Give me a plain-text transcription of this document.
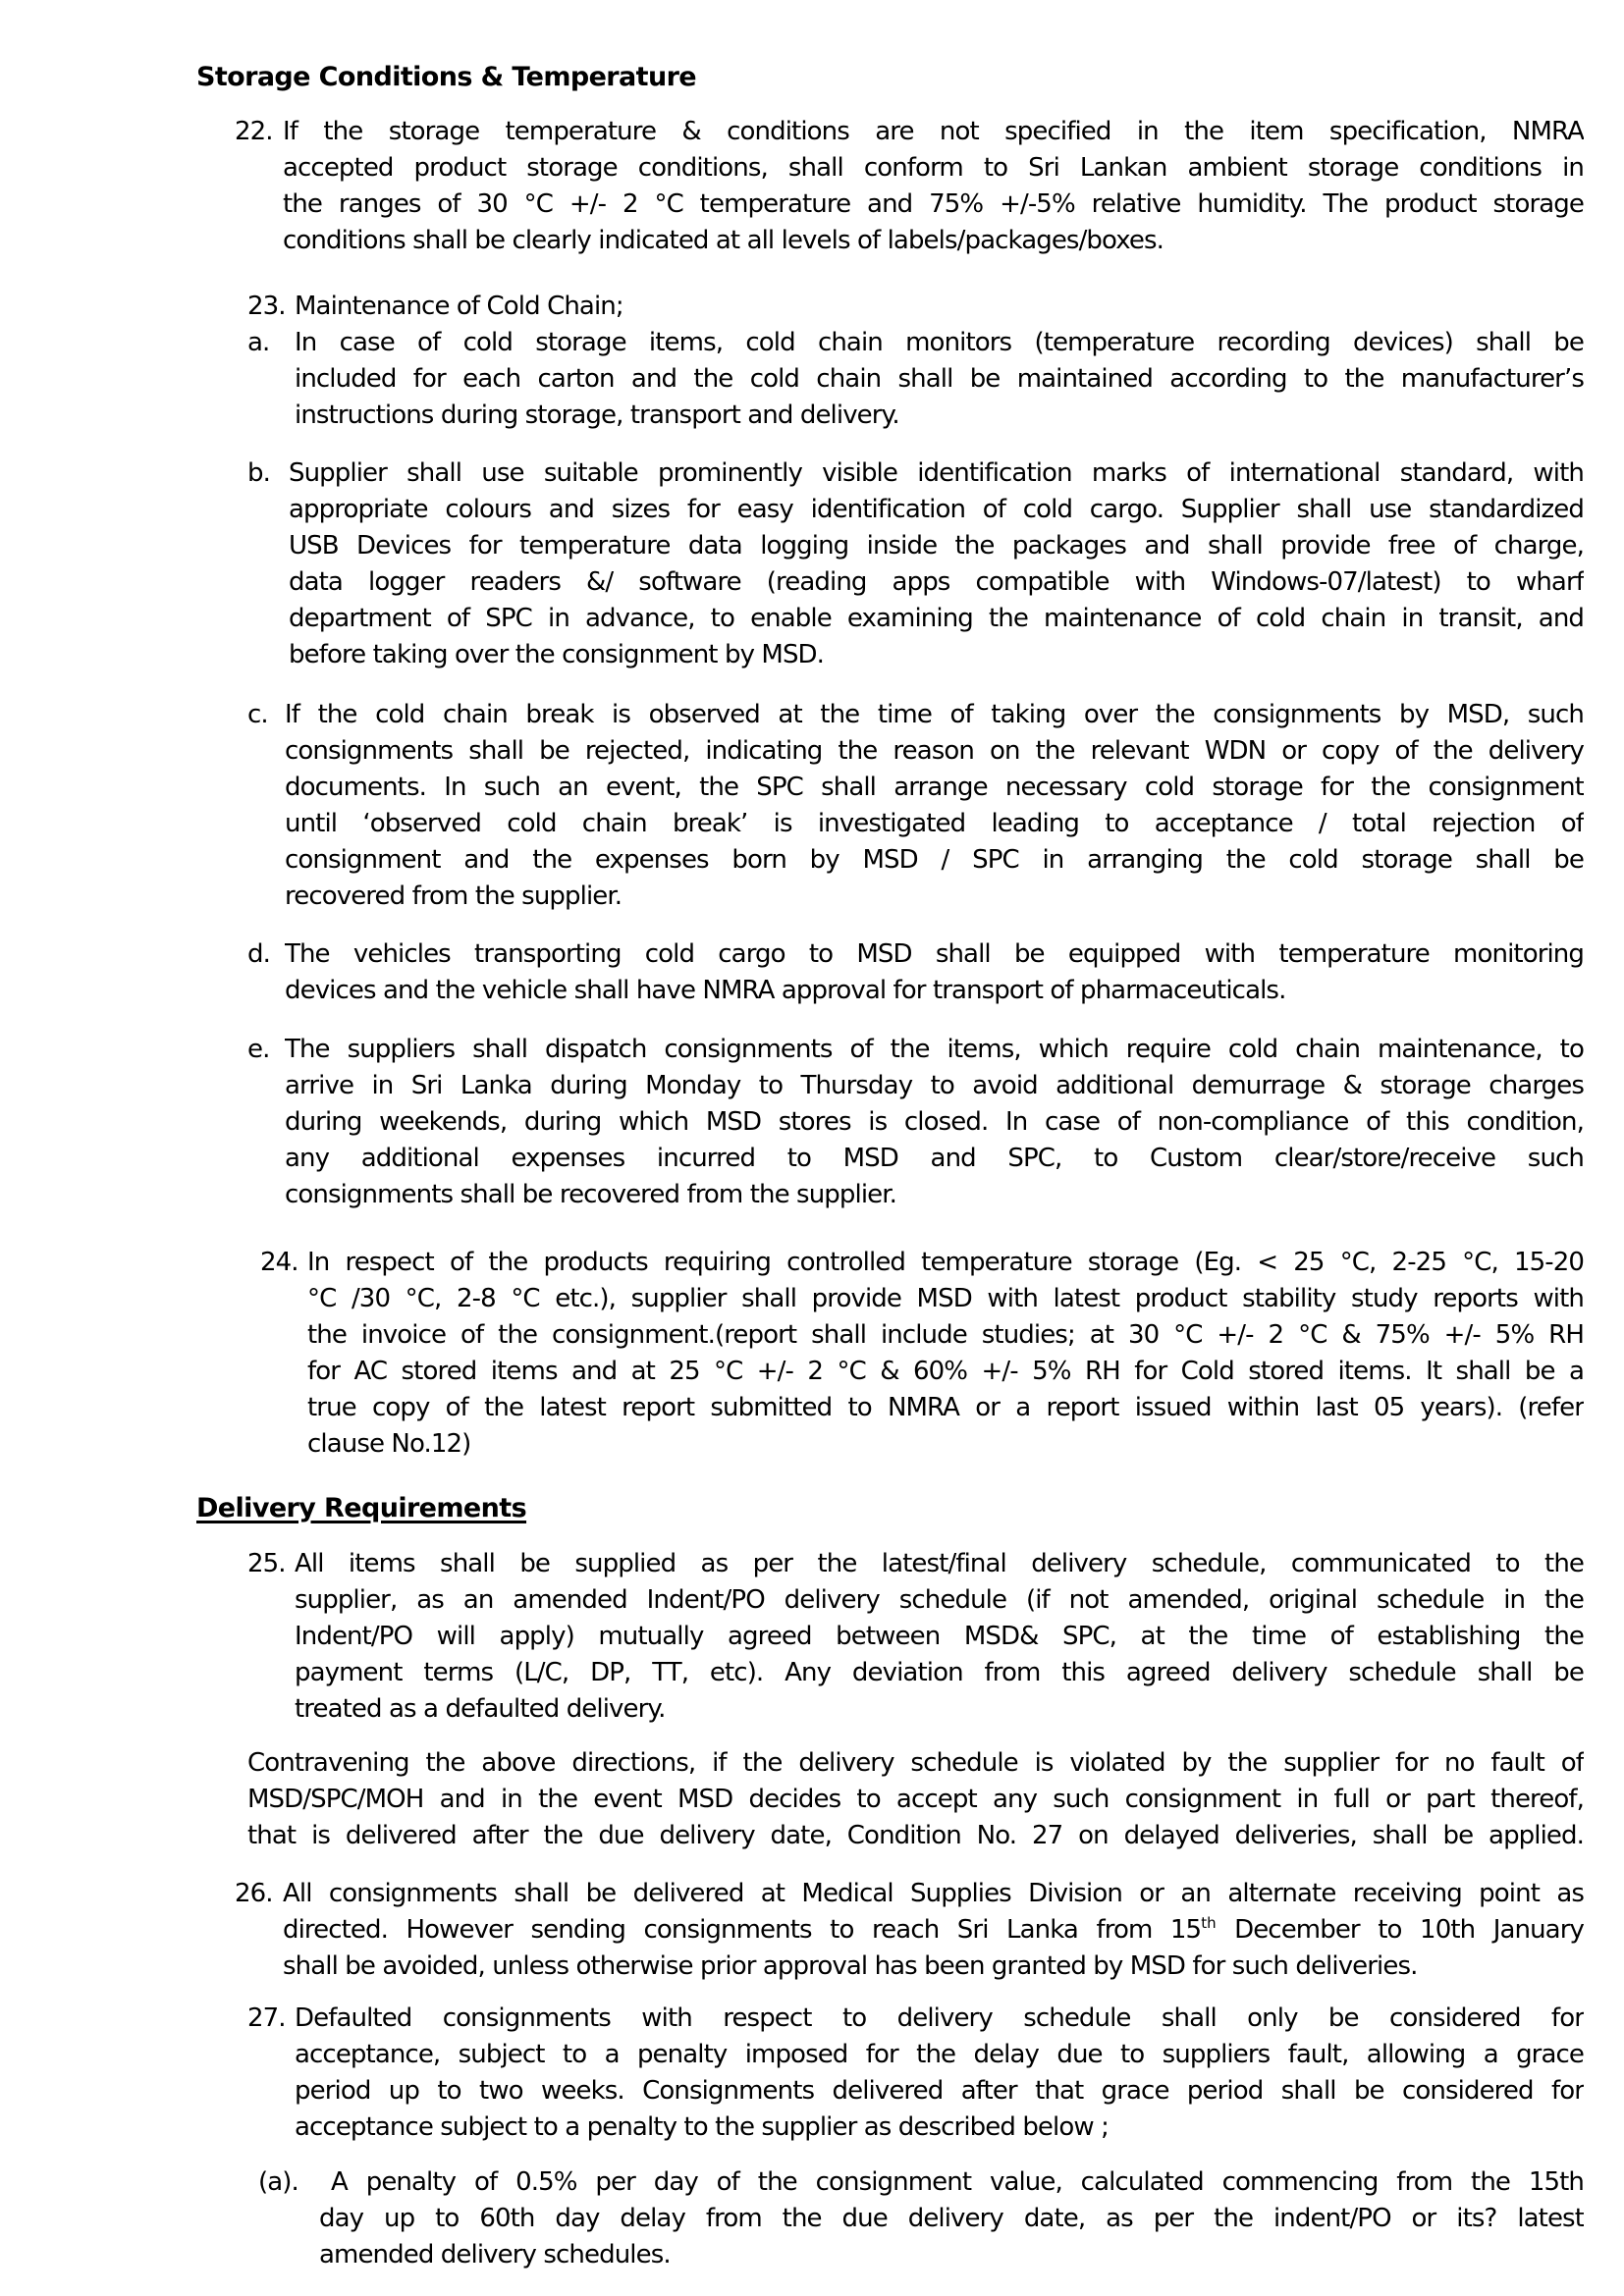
Storage Conditions & Temperature
22. If the storage temperature & conditions are not specified in the item specification, NMRA
accepted product storage conditions, shall conform to Sri Lankan ambient storage conditions in
the ranges of 30 °C +/- 2 °C temperature and 75% +/-5% relative humidity. The product storage
conditions shall be clearly indicated at all levels of labels/packages/boxes.
23. Maintenance of Cold Chain;
a. In case of cold storage items, cold chain monitors (temperature recording devices) shall be
included for each carton and the cold chain shall be maintained according to the manufacturer’s
instructions during storage, transport and delivery.
b. Supplier shall use suitable prominently visible identification marks of international standard, with
appropriate colours and sizes for easy identification of cold cargo. Supplier shall use standardized
USB Devices for temperature data logging inside the packages and shall provide free of charge,
data logger readers &/ software (reading apps compatible with Windows-07/latest) to wharf
department of SPC in advance, to enable examining the maintenance of cold chain in transit, and
before taking over the consignment by MSD.
c. If the cold chain break is observed at the time of taking over the consignments by MSD, such
consignments shall be rejected, indicating the reason on the relevant WDN or copy of the delivery
documents. In such an event, the SPC shall arrange necessary cold storage for the consignment
until ‘observed cold chain break’ is investigated leading to acceptance / total rejection of
consignment and the expenses born by MSD / SPC in arranging the cold storage shall be
recovered from the supplier.
d. The vehicles transporting cold cargo to MSD shall be equipped with temperature monitoring
devices and the vehicle shall have NMRA approval for transport of pharmaceuticals.
e. The suppliers shall dispatch consignments of the items, which require cold chain maintenance, to
arrive in Sri Lanka during Monday to Thursday to avoid additional demurrage & storage charges
during weekends, during which MSD stores is closed. In case of non-compliance of this condition,
any additional expenses incurred to MSD and SPC, to Custom clear/store/receive such
consignments shall be recovered from the supplier.
24. In respect of the products requiring controlled temperature storage (Eg. < 25 °C, 2-25 °C, 15-20
°C /30 °C, 2-8 °C etc.), supplier shall provide MSD with latest product stability study reports with
the invoice of the consignment.(report shall include studies; at 30 °C +/- 2 °C & 75% +/- 5% RH
for AC stored items and at 25 °C +/- 2 °C & 60% +/- 5% RH for Cold stored items. It shall be a
true copy of the latest report submitted to NMRA or a report issued within last 05 years). (refer
clause No.12)
Delivery Requirements
25. All items shall be supplied as per the latest/final delivery schedule, communicated to the
supplier, as an amended Indent/PO delivery schedule (if not amended, original schedule in the
Indent/PO will apply) mutually agreed between MSD& SPC, at the time of establishing the
payment terms (L/C, DP, TT, etc). Any deviation from this agreed delivery schedule shall be
treated as a defaulted delivery.
Contravening the above directions, if the delivery schedule is violated by the supplier for no fault of
MSD/SPC/MOH and in the event MSD decides to accept any such consignment in full or part thereof,
that is delivered after the due delivery date, Condition No. 27 on delayed deliveries, shall be applied.
26. All consignments shall be delivered at Medical Supplies Division or an alternate receiving point as
directed. However sending consignments to reach Sri Lanka from 15th December to 10th January
shall be avoided, unless otherwise prior approval has been granted by MSD for such deliveries.
27. Defaulted consignments with respect to delivery schedule shall only be considered for
acceptance, subject to a penalty imposed for the delay due to suppliers fault, allowing a grace
period up to two weeks. Consignments delivered after that grace period shall be considered for
acceptance subject to a penalty to the supplier as described below ;
(a).	A penalty of 0.5% per day of the consignment value, calculated commencing from the 15th
day up to 60th day delay from the due delivery date, as per the indent/PO or its? latest
amended delivery schedules.
